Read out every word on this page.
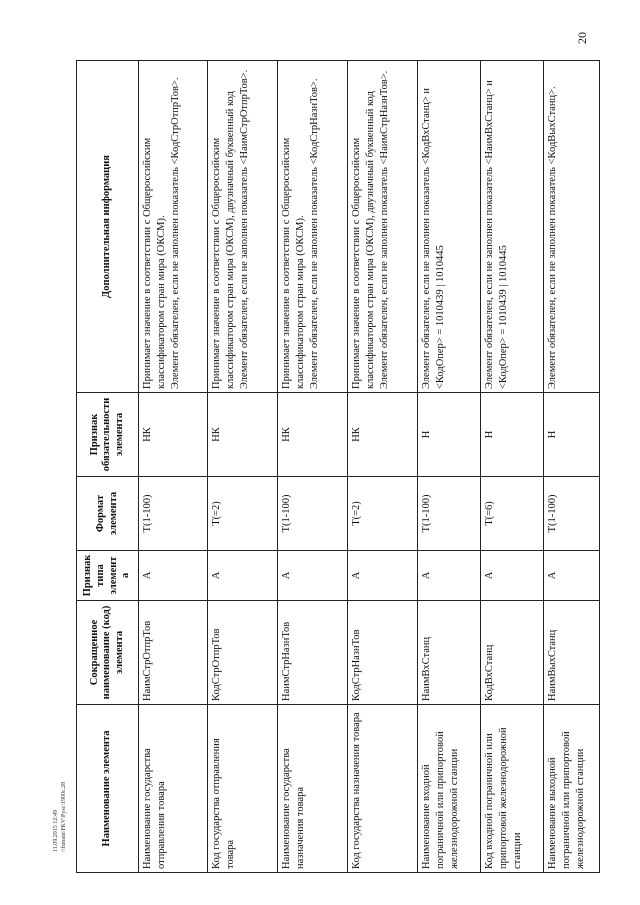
20
11.09.2015 12:49 \\fsmain\FKV\Pysc\1900с.28	Наименование элемента	Сокращенное наименование (код) элемента	Признак типа элемента	Формат элемента	Признак обязательности элемента	Дополнительная информация
Наименование государства отправления товара	НаимСтрОтпрТов	А	T(1-100)	НК	Принимает значение в соответствии с Общероссийским классификатором стран мира (ОКСМ). Элемент обязателен, если не заполнен показатель <КодСтрОтпрТов>.

Код государства отправления товара	КодСтрОтпрТов	А	T(=2)	НК	Принимает значение в соответствии с Общероссийским классификатором стран мира (ОКСМ), двузначный буквенный код Элемент обязателен, если не заполнен показатель <НаимСтрОтпрТов>.

Наименование государства назначения товара	НаимСтрНазнТов	А	T(1-100)	НК	Принимает значение в соответствии с Общероссийским классификатором стран мира (ОКСМ). Элемент обязателен, если не заполнен показатель <КодСтрНазнТов>.

Код государства назначения товара	КодСтрНазнТов	А	T(=2)	НК	Принимает значение в соответствии с Общероссийским классификатором стран мира (ОКСМ), двузначный буквенный код Элемент обязателен, если не заполнен показатель <НаимСтрНазнТов>.

Наименование входной пограничной или припортовой железнодорожной станции	НаимВхСтанц	А	T(1-100)	Н	Элемент обязателен, если не заполнен показатель <КодВхСтанц> и <КодОпер> = 1010439 | 1010445

Код входной пограничной или припортовой железнодорожной станции	КодВхСтанц	А	T(=6)	Н	Элемент обязателен, если не заполнен показатель <НаимВхСтанц> и <КодОпер> = 1010439 | 1010445

Наименование выходной пограничной или припортовой железнодорожной станции	НаимВыхСтанц	А	T(1-100)	Н	Элемент обязателен, если не заполнен показатель <КодВыхСтанц>.
